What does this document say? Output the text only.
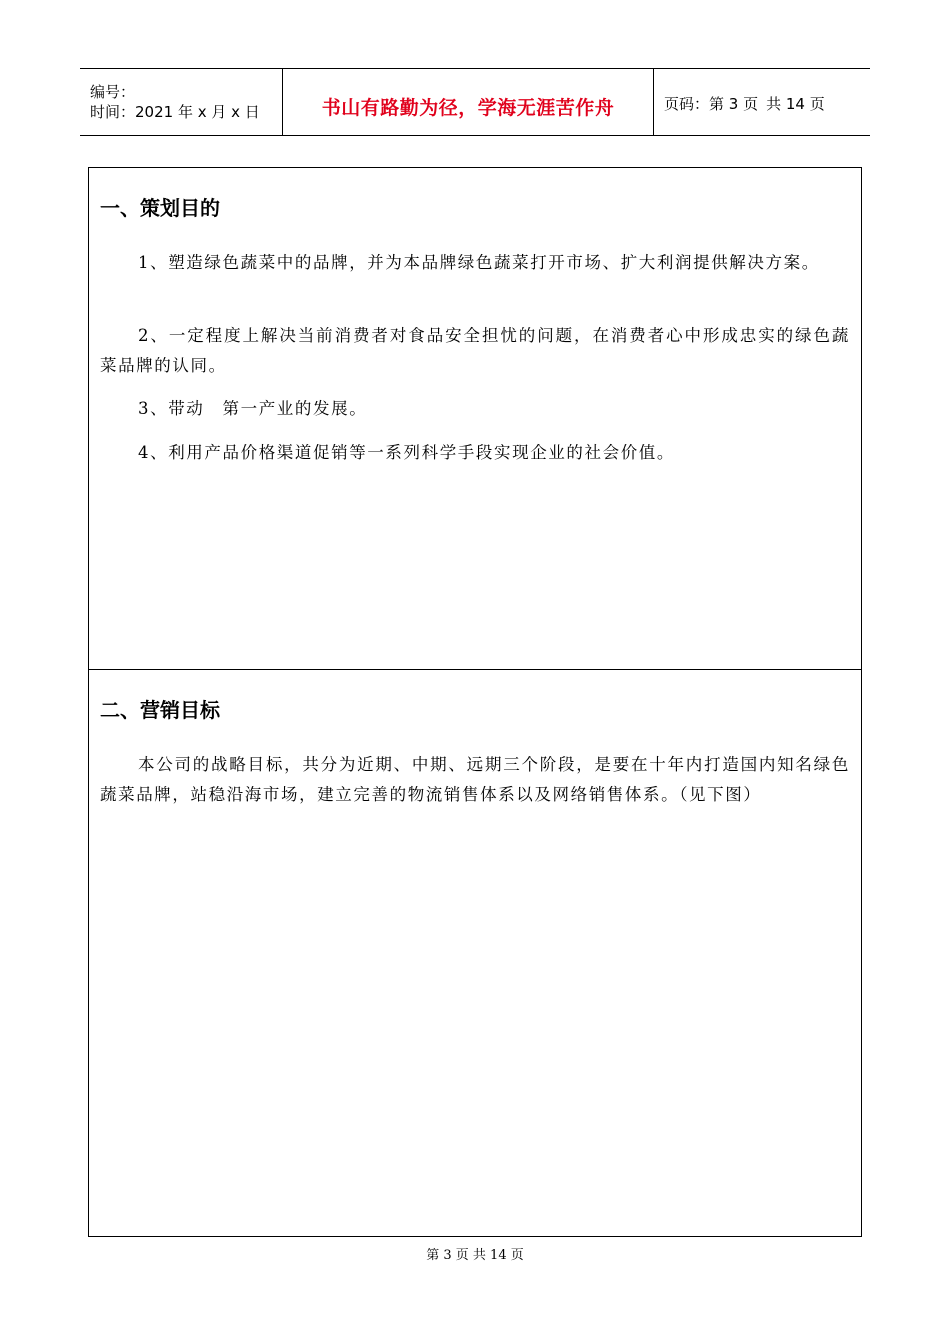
编号：
时间：2021 年 x 月 x 日	书山有路勤为径，学海无涯苦作舟	页码：第 3 页 共 14 页
一、策划目的

1、塑造绿色蔬菜中的品牌，并为本品牌绿色蔬菜打开市场、扩大利润提供解决方案。

2、一定程度上解决当前消费者对食品安全担忧的问题，在消费者心中形成忠实的绿色蔬菜品牌的认同。

3、带动　第一产业的发展。

4、利用产品价格渠道促销等一系列科学手段实现企业的社会价值。

二、营销目标

本公司的战略目标，共分为近期、中期、远期三个阶段，是要在十年内打造国内知名绿色蔬菜品牌，站稳沿海市场，建立完善的物流销售体系以及网络销售体系。（见下图）

第 3 页 共 14 页
